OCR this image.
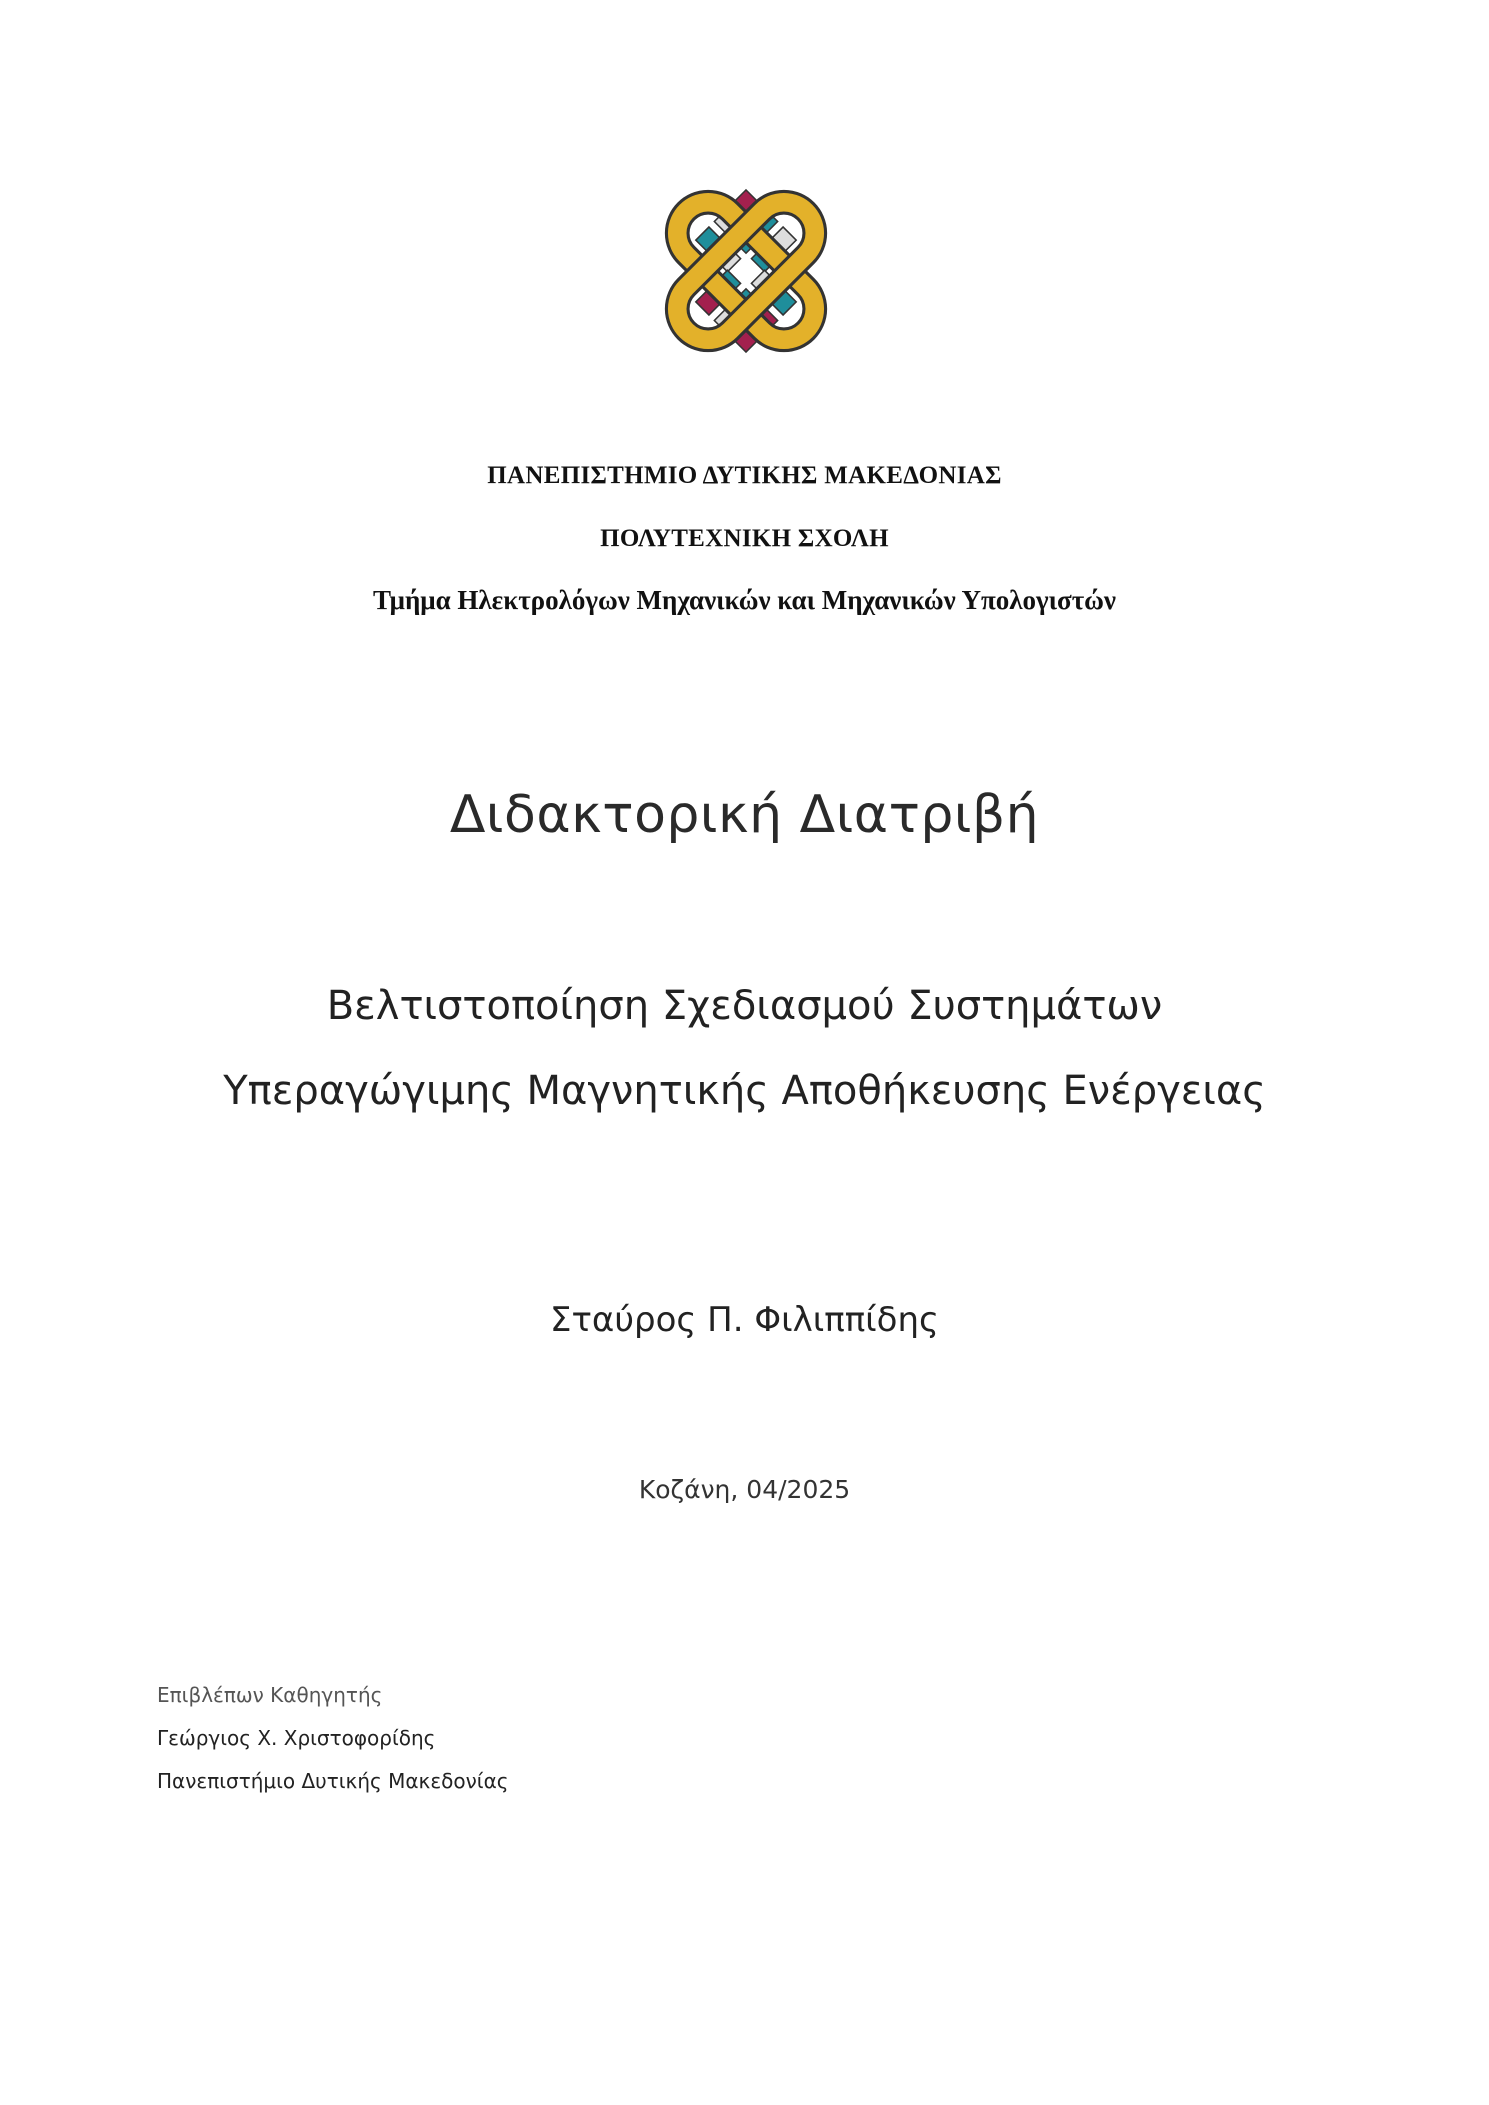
ΠΑΝΕΠΙΣΤΗΜΙΟ ΔΥΤΙΚΗΣ ΜΑΚΕΔΟΝΙΑΣ
ΠΟΛΥΤΕΧΝΙΚΗ ΣΧΟΛΗ
Τμήμα Ηλεκτρολόγων Μηχανικών και Μηχανικών Υπολογιστών
Διδακτορική Διατριβή
Βελτιστοποίηση Σχεδιασμού Συστημάτων
Υπεραγώγιμης Μαγνητικής Αποθήκευσης Ενέργειας
Σταύρος Π. Φιλιππίδης
Κοζάνη, 04/2025
Επιβλέπων Καθηγητής
Γεώργιος Χ. Χριστοφορίδης
Πανεπιστήμιο Δυτικής Μακεδονίας
